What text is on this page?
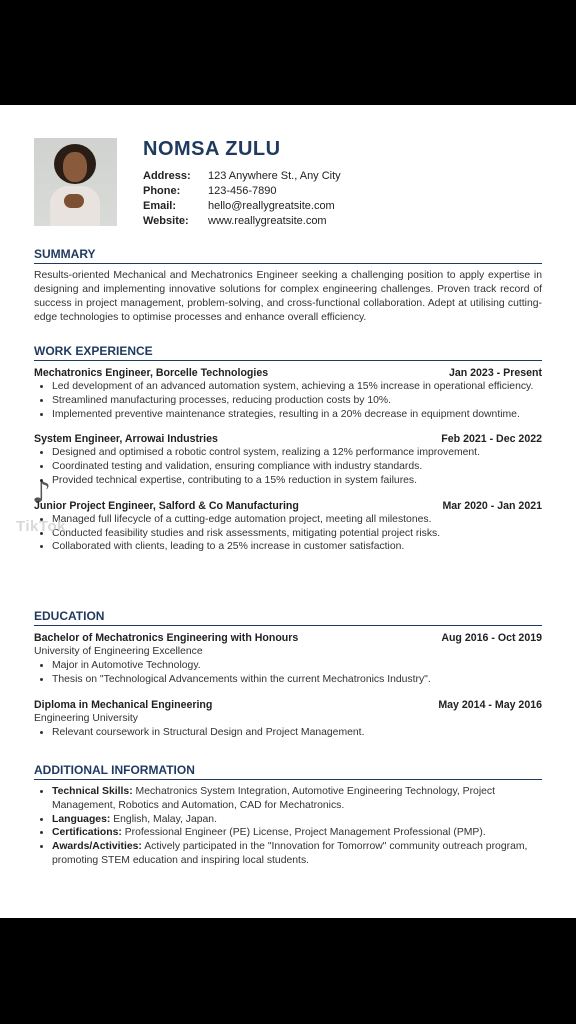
NOMSA ZULU
Address:	123 Anywhere St., Any City
Phone:	123-456-7890
Email:	hello@reallygreatsite.com
Website:	www.reallygreatsite.com
SUMMARY
Results-oriented Mechanical and Mechatronics Engineer seeking a challenging position to apply expertise in designing and implementing innovative solutions for complex engineering challenges. Proven track record of success in project management, problem-solving, and cross-functional collaboration. Adept at utilising cutting-edge technologies to optimise processes and enhance overall efficiency.
WORK EXPERIENCE
Mechatronics Engineer, Borcelle Technologies	Jan 2023 - Present
• Led development of an advanced automation system, achieving a 15% increase in operational efficiency.
• Streamlined manufacturing processes, reducing production costs by 10%.
• Implemented preventive maintenance strategies, resulting in a 20% decrease in equipment downtime.
System Engineer, Arrowai Industries	Feb 2021 - Dec 2022
• Designed and optimised a robotic control system, realizing a 12% performance improvement.
• Coordinated testing and validation, ensuring compliance with industry standards.
• Provided technical expertise, contributing to a 15% reduction in system failures.
Junior Project Engineer, Salford & Co Manufacturing	Mar 2020 - Jan 2021
• Managed full lifecycle of a cutting-edge automation project, meeting all milestones.
• Conducted feasibility studies and risk assessments, mitigating potential project risks.
• Collaborated with clients, leading to a 25% increase in customer satisfaction.
EDUCATION
Bachelor of Mechatronics Engineering with Honours	Aug 2016 - Oct 2019
University of Engineering Excellence
• Major in Automotive Technology.
• Thesis on "Technological Advancements within the current Mechatronics Industry".
Diploma in Mechanical Engineering	May 2014 - May 2016
Engineering University
• Relevant coursework in Structural Design and Project Management.
ADDITIONAL INFORMATION
• Technical Skills: Mechatronics System Integration, Automotive Engineering Technology, Project Management, Robotics and Automation, CAD for Mechatronics.
• Languages: English, Malay, Japan.
• Certifications: Professional Engineer (PE) License, Project Management Professional (PMP).
• Awards/Activities: Actively participated in the "Innovation for Tomorrow" community outreach program, promoting STEM education and inspiring local students.
♪
TikTok
